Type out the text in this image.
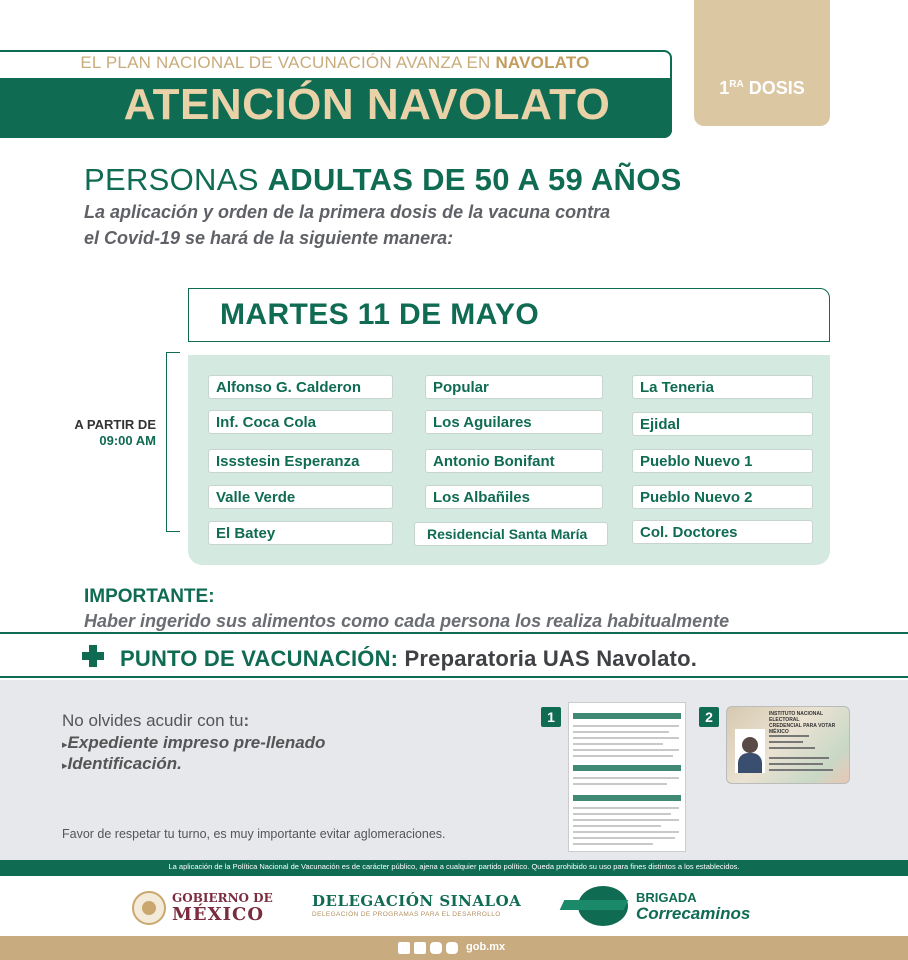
$1^{RA}$ DOSIS
EL PLAN NACIONAL DE VACUNACIÓN AVANZA EN NAVOLATO
ATENCIÓN NAVOLATO
PERSONAS ADULTAS DE 50 A 59 AÑOS
La aplicación y orden de la primera dosis de la vacuna contra
el Covid-19 se hará de la siguiente manera:
MARTES 11 DE MAYO
A PARTIR DE
09:00 AM
Alfonso G. Calderon
Inf. Coca Cola
Issstesin Esperanza
Valle Verde
El Batey
Popular
Los Aguilares
Antonio Bonifant
Los Albañiles
Residencial Santa María
La Teneria
Ejidal
Pueblo Nuevo 1
Pueblo Nuevo 2
Col. Doctores
IMPORTANTE:
Haber ingerido sus alimentos como cada persona los realiza habitualmente
PUNTO DE VACUNACIÓN: Preparatoria UAS Navolato.
No olvides acudir con tu:
▸Expediente impreso pre-llenado
▸Identificación.
Favor de respetar tu turno, es muy importante evitar aglomeraciones.
1	2	INSTITUTO NACIONAL ELECTORAL
CREDENCIAL PARA VOTAR
MÉXICO
La aplicación de la Política Nacional de Vacunación es de carácter público, ajena a cualquier partido político. Queda prohibido su uso para fines distintos a los establecidos.
GOBIERNO DE
MÉXICO
DELEGACIÓN SINALOA
DELEGACIÓN DE PROGRAMAS PARA EL DESARROLLO
BRIGADA
Correcaminos
gob.mx
